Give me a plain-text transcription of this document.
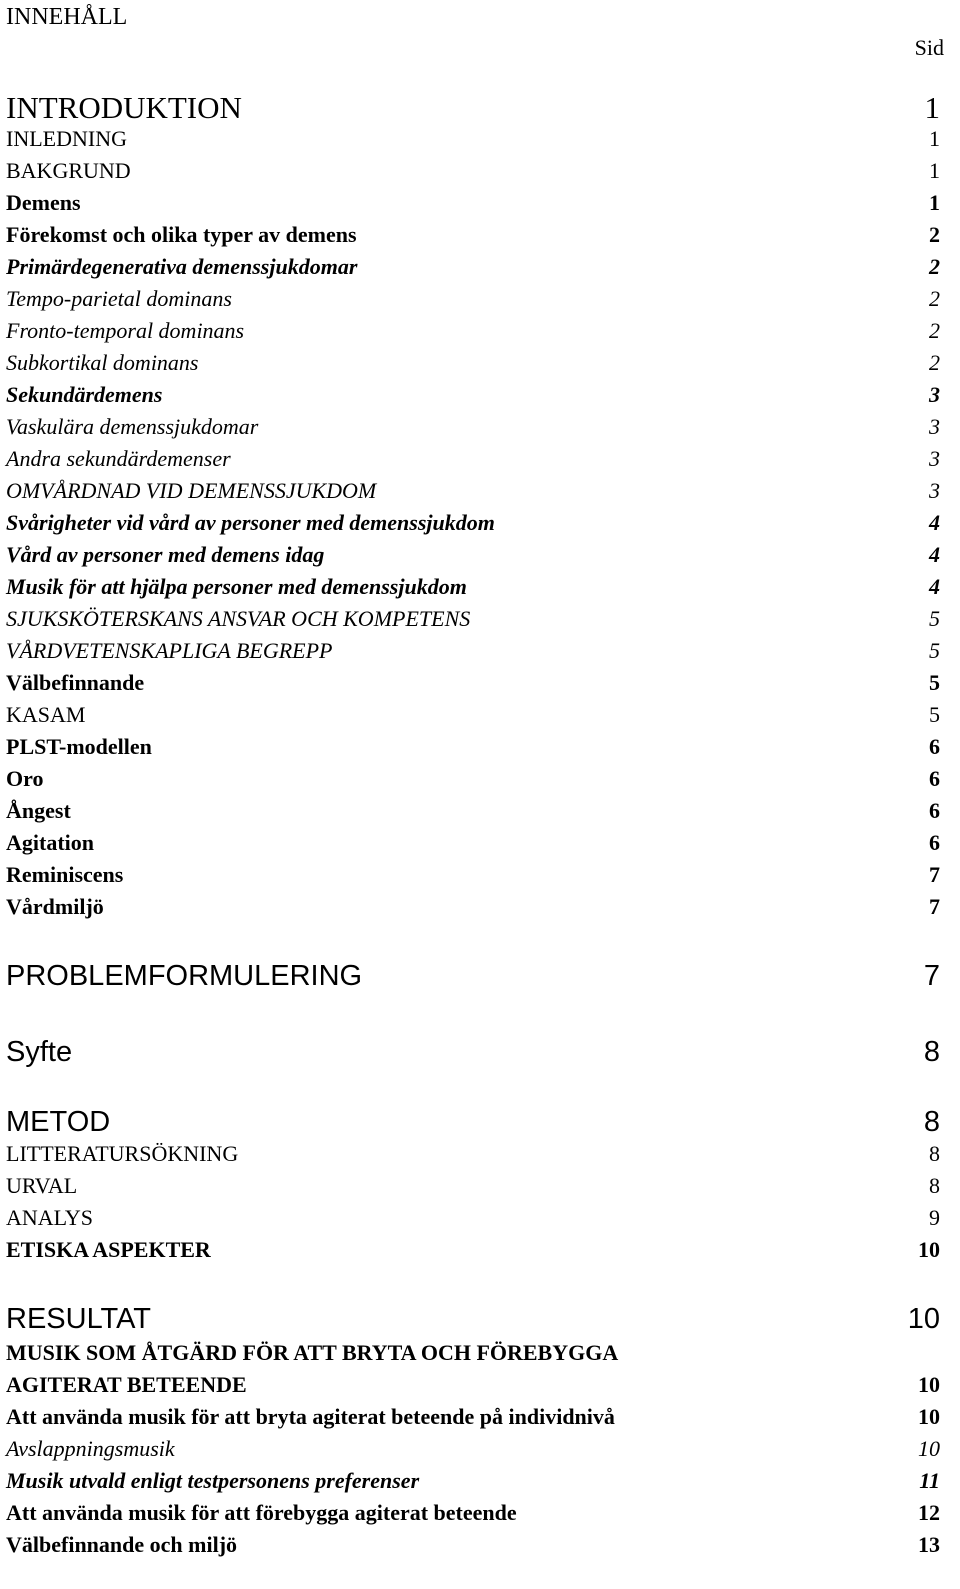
INNEHÅLL
Sid
INTRODUKTION	1
INLEDNING	1
BAKGRUND	1
Demens	1
Förekomst och olika typer av demens	2
Primärdegenerativa demenssjukdomar	2
Tempo-parietal dominans	2
Fronto-temporal dominans	2
Subkortikal dominans	2
Sekundärdemens	3
Vaskulära demenssjukdomar	3
Andra sekundärdemenser	3
OMVÅRDNAD VID DEMENSSJUKDOM	3
Svårigheter vid vård av personer med demenssjukdom	4
Vård av personer med demens idag	4
Musik för att hjälpa personer med demenssjukdom	4
SJUKSKÖTERSKANS ANSVAR OCH KOMPETENS	5
VÅRDVETENSKAPLIGA BEGREPP	5
Välbefinnande	5
KASAM	5
PLST-modellen	6
Oro	6
Ångest	6
Agitation	6
Reminiscens	7
Vårdmiljö	7
PROBLEMFORMULERING	7
Syfte	8
METOD	8
LITTERATURSÖKNING	8
URVAL	8
ANALYS	9
ETISKA ASPEKTER	10
RESULTAT	10
MUSIK SOM ÅTGÄRD FÖR ATT BRYTA OCH FÖREBYGGA
AGITERAT BETEENDE	10
Att använda musik för att bryta agiterat beteende på individnivå	10
Avslappningsmusik	10
Musik utvald enligt testpersonens preferenser	11
Att använda musik för att förebygga agiterat beteende	12
Välbefinnande och miljö	13
